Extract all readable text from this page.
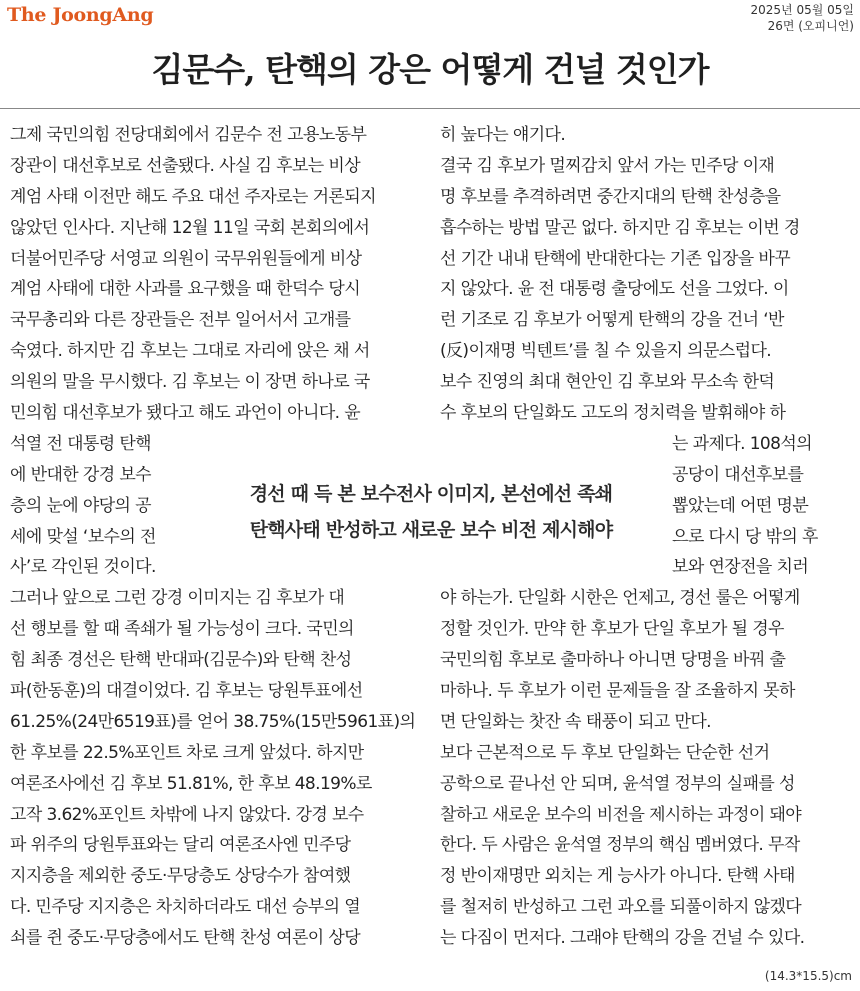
The JoongAng	2025년 05월 05일
26면 (오피니언)
김문수, 탄핵의 강은 어떻게 건널 것인가
그제 국민의힘 전당대회에서 김문수 전 고용노동부
장관이 대선후보로 선출됐다. 사실 김 후보는 비상
계엄 사태 이전만 해도 주요 대선 주자로는 거론되지
않았던 인사다. 지난해 12월 11일 국회 본회의에서
더불어민주당 서영교 의원이 국무위원들에게 비상
계엄 사태에 대한 사과를 요구했을 때 한덕수 당시
국무총리와 다른 장관들은 전부 일어서서 고개를
숙였다. 하지만 김 후보는 그대로 자리에 앉은 채 서
의원의 말을 무시했다. 김 후보는 이 장면 하나로 국
민의힘 대선후보가 됐다고 해도 과언이 아니다. 윤
석열 전 대통령 탄핵
에 반대한 강경 보수
층의 눈에 야당의 공
세에 맞설 ‘보수의 전
사’로 각인된 것이다.
그러나 앞으로 그런 강경 이미지는 김 후보가 대
선 행보를 할 때 족쇄가 될 가능성이 크다. 국민의
힘 최종 경선은 탄핵 반대파(김문수)와 탄핵 찬성
파(한동훈)의 대결이었다. 김 후보는 당원투표에선
61.25%(24만6519표)를 얻어 38.75%(15만5961표)의
한 후보를 22.5%포인트 차로 크게 앞섰다. 하지만
여론조사에선 김 후보 51.81%, 한 후보 48.19%로
고작 3.62%포인트 차밖에 나지 않았다. 강경 보수
파 위주의 당원투표와는 달리 여론조사엔 민주당
지지층을 제외한 중도·무당층도 상당수가 참여했
다. 민주당 지지층은 차치하더라도 대선 승부의 열
쇠를 쥔 중도·무당층에서도 탄핵 찬성 여론이 상당
히 높다는 얘기다.
결국 김 후보가 멀찌감치 앞서 가는 민주당 이재
명 후보를 추격하려면 중간지대의 탄핵 찬성층을
흡수하는 방법 말곤 없다. 하지만 김 후보는 이번 경
선 기간 내내 탄핵에 반대한다는 기존 입장을 바꾸
지 않았다. 윤 전 대통령 출당에도 선을 그었다. 이
런 기조로 김 후보가 어떻게 탄핵의 강을 건너 ‘반
(反)이재명 빅텐트’를 칠 수 있을지 의문스럽다.
보수 진영의 최대 현안인 김 후보와 무소속 한덕
수 후보의 단일화도 고도의 정치력을 발휘해야 하
는 과제다. 108석의
공당이 대선후보를
뽑았는데 어떤 명분
으로 다시 당 밖의 후
보와 연장전을 치러
야 하는가. 단일화 시한은 언제고, 경선 룰은 어떻게
정할 것인가. 만약 한 후보가 단일 후보가 될 경우
국민의힘 후보로 출마하나 아니면 당명을 바꿔 출
마하나. 두 후보가 이런 문제들을 잘 조율하지 못하
면 단일화는 찻잔 속 태풍이 되고 만다.
보다 근본적으로 두 후보 단일화는 단순한 선거
공학으로 끝나선 안 되며, 윤석열 정부의 실패를 성
찰하고 새로운 보수의 비전을 제시하는 과정이 돼야
한다. 두 사람은 윤석열 정부의 핵심 멤버였다. 무작
정 반이재명만 외치는 게 능사가 아니다. 탄핵 사태
를 철저히 반성하고 그런 과오를 되풀이하지 않겠다
는 다짐이 먼저다. 그래야 탄핵의 강을 건널 수 있다.
경선 때 득 본 보수전사 이미지, 본선에선 족쇄
탄핵사태 반성하고 새로운 보수 비전 제시해야
(14.3*15.5)cm
